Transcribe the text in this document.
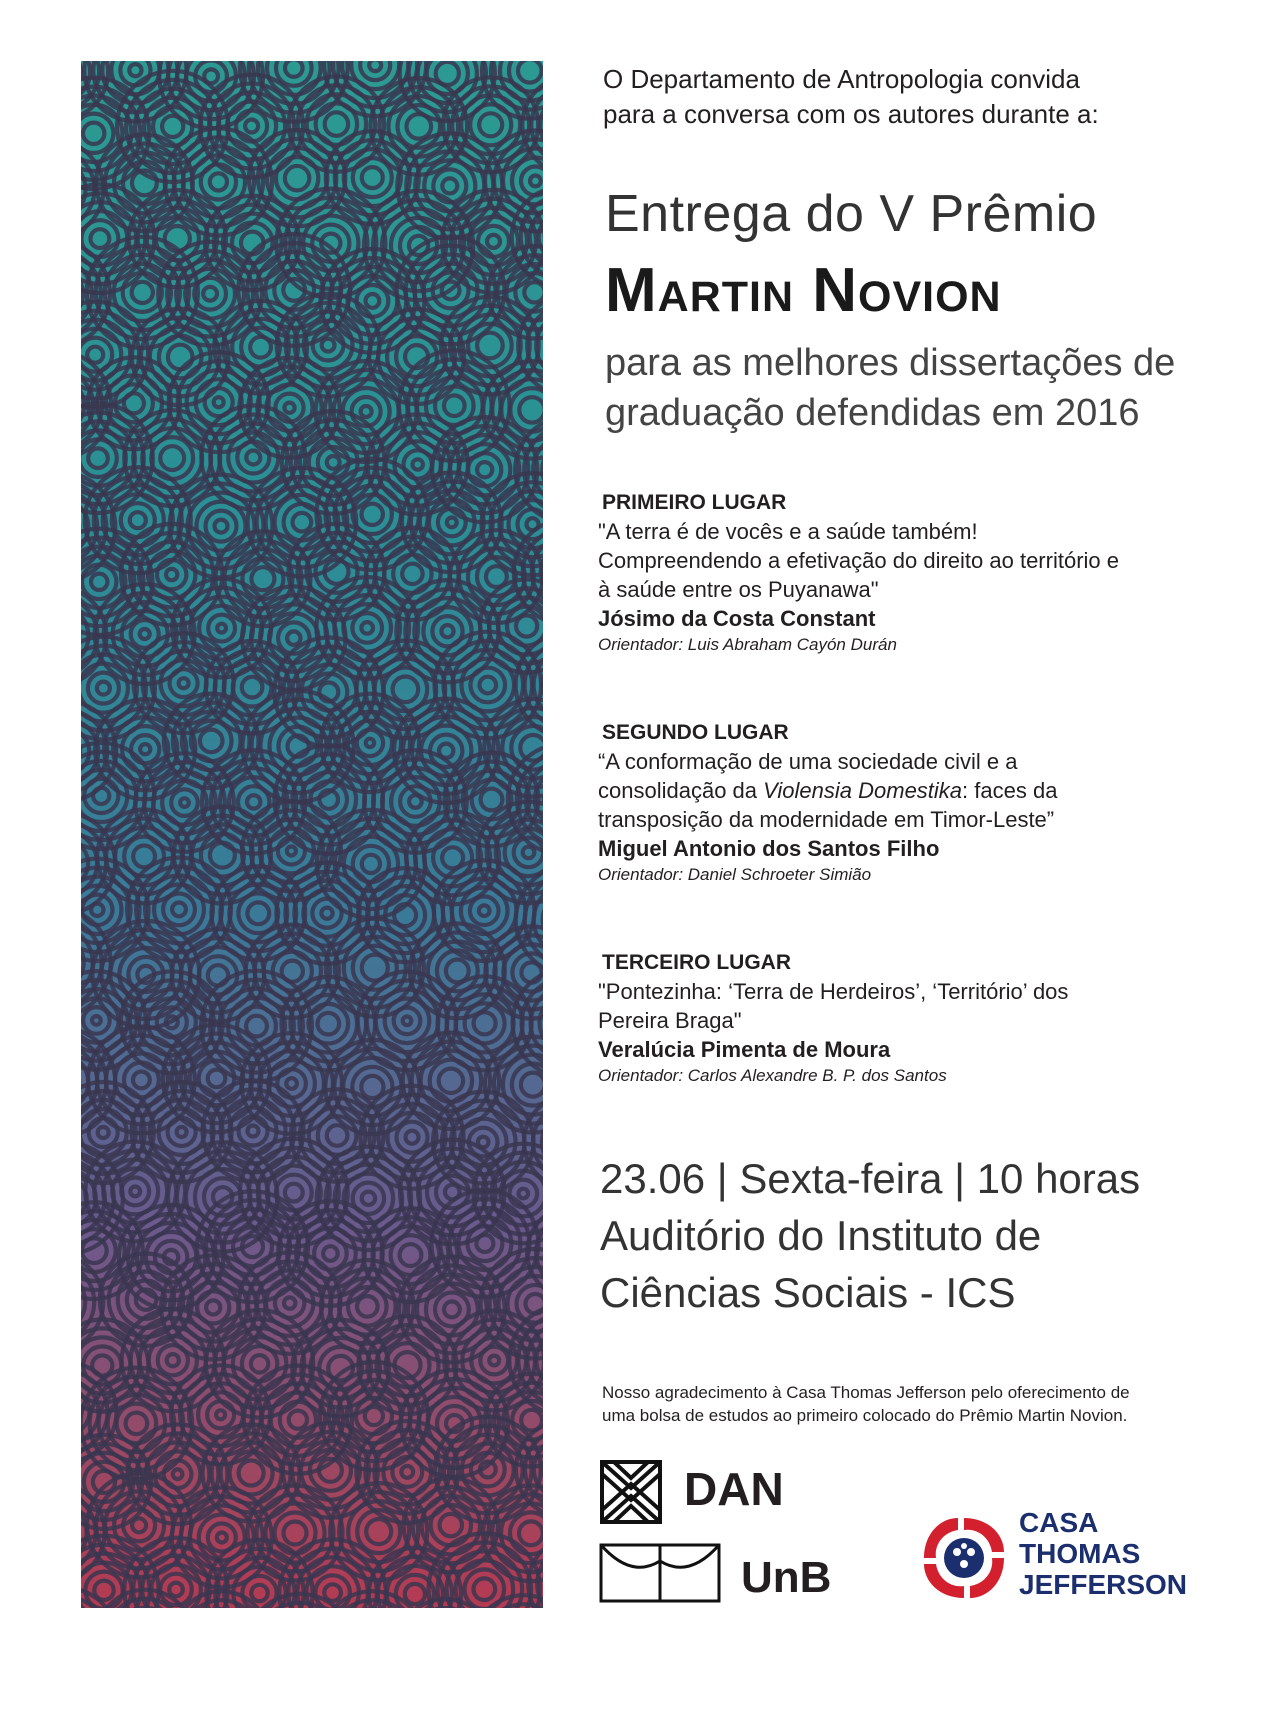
O Departamento de Antropologia convida
para a conversa com os autores durante a:
Entrega do V Prêmio
Martin Novion
para as melhores dissertações de
graduação defendidas em 2016
PRIMEIRO LUGAR
"A terra é de vocês e a saúde também!
Compreendendo a efetivação do direito ao território e
à saúde entre os Puyanawa"
Jósimo da Costa Constant
Orientador: Luis Abraham Cayón Durán
SEGUNDO LUGAR
“A conformação de uma sociedade civil e a
consolidação da Violensia Domestika: faces da
transposição da modernidade em Timor-Leste”
Miguel Antonio dos Santos Filho
Orientador: Daniel Schroeter Simião
TERCEIRO LUGAR
"Pontezinha: ‘Terra de Herdeiros’, ‘Território’ dos
Pereira Braga"
Veralúcia Pimenta de Moura
Orientador: Carlos Alexandre B. P. dos Santos
23.06 | Sexta-feira | 10 horas
Auditório do Instituto de
Ciências Sociais - ICS
Nosso agradecimento à Casa Thomas Jefferson pelo oferecimento de
uma bolsa de estudos ao primeiro colocado do Prêmio Martin Novion.
DAN
UnB
CASA
THOMAS
JEFFERSON
